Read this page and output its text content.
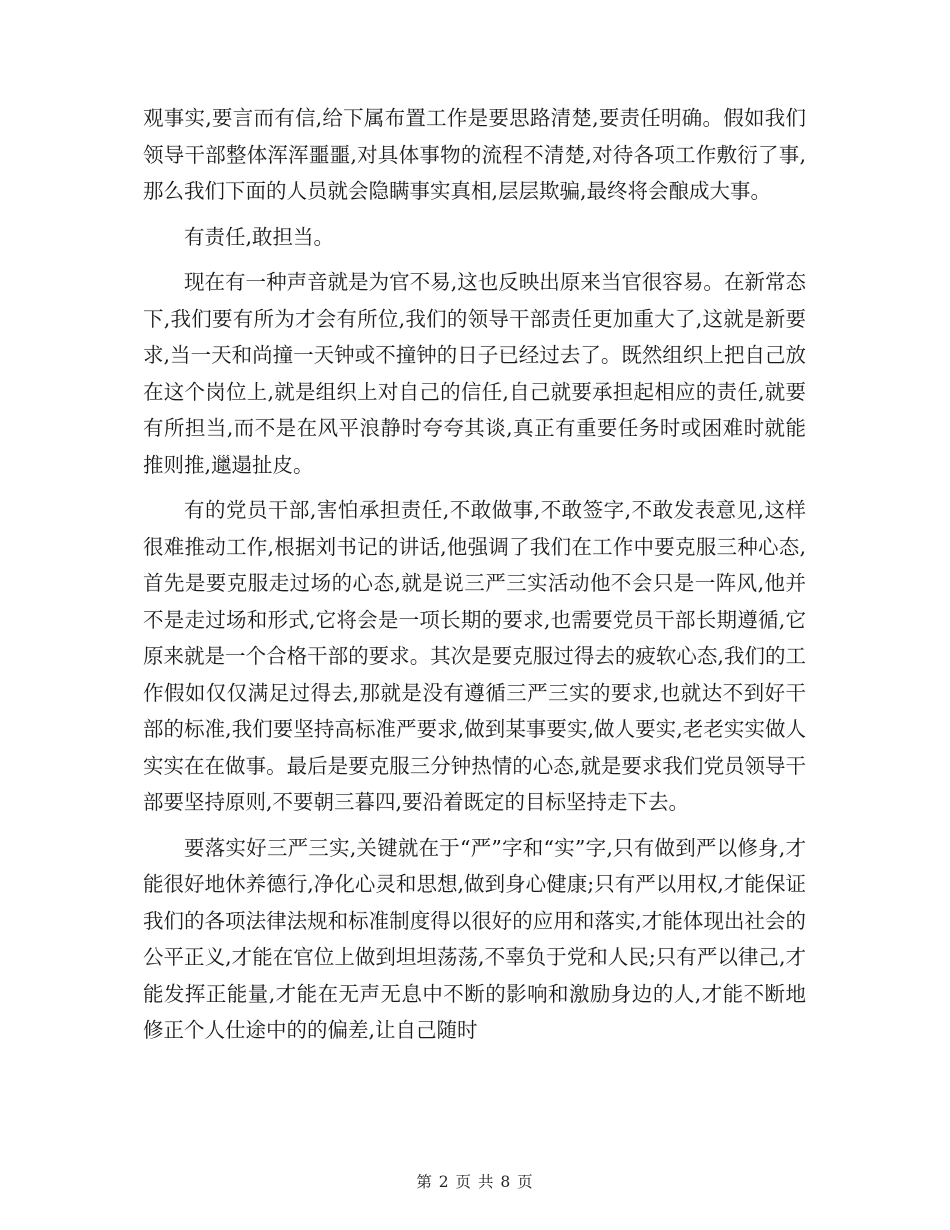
观事实,要言而有信,给下属布置工作是要思路清楚,要责任明确。假如我们领导干部整体浑浑噩噩,对具体事物的流程不清楚,对待各项工作敷衍了事,那么我们下面的人员就会隐瞒事实真相,层层欺骗,最终将会酿成大事。

有责任,敢担当。

现在有一种声音就是为官不易,这也反映出原来当官很容易。在新常态下,我们要有所为才会有所位,我们的领导干部责任更加重大了,这就是新要求,当一天和尚撞一天钟或不撞钟的日子已经过去了。既然组织上把自己放在这个岗位上,就是组织上对自己的信任,自己就要承担起相应的责任,就要有所担当,而不是在风平浪静时夸夸其谈,真正有重要任务时或困难时就能推则推,邋遢扯皮。

有的党员干部,害怕承担责任,不敢做事,不敢签字,不敢发表意见,这样很难推动工作,根据刘书记的讲话,他强调了我们在工作中要克服三种心态,首先是要克服走过场的心态,就是说三严三实活动他不会只是一阵风,他并不是走过场和形式,它将会是一项长期的要求,也需要党员干部长期遵循,它原来就是一个合格干部的要求。其次是要克服过得去的疲软心态,我们的工作假如仅仅满足过得去,那就是没有遵循三严三实的要求,也就达不到好干部的标准,我们要坚持高标准严要求,做到某事要实,做人要实,老老实实做人实实在在做事。最后是要克服三分钟热情的心态,就是要求我们党员领导干部要坚持原则,不要朝三暮四,要沿着既定的目标坚持走下去。

要落实好三严三实,关键就在于“严”字和“实”字,只有做到严以修身,才能很好地休养德行,净化心灵和思想,做到身心健康;只有严以用权,才能保证我们的各项法律法规和标准制度得以很好的应用和落实,才能体现出社会的公平正义,才能在官位上做到坦坦荡荡,不辜负于党和人民;只有严以律己,才能发挥正能量,才能在无声无息中不断的影响和激励身边的人,才能不断地修正个人仕途中的的偏差,让自己随时

第 2 页 共 8 页
